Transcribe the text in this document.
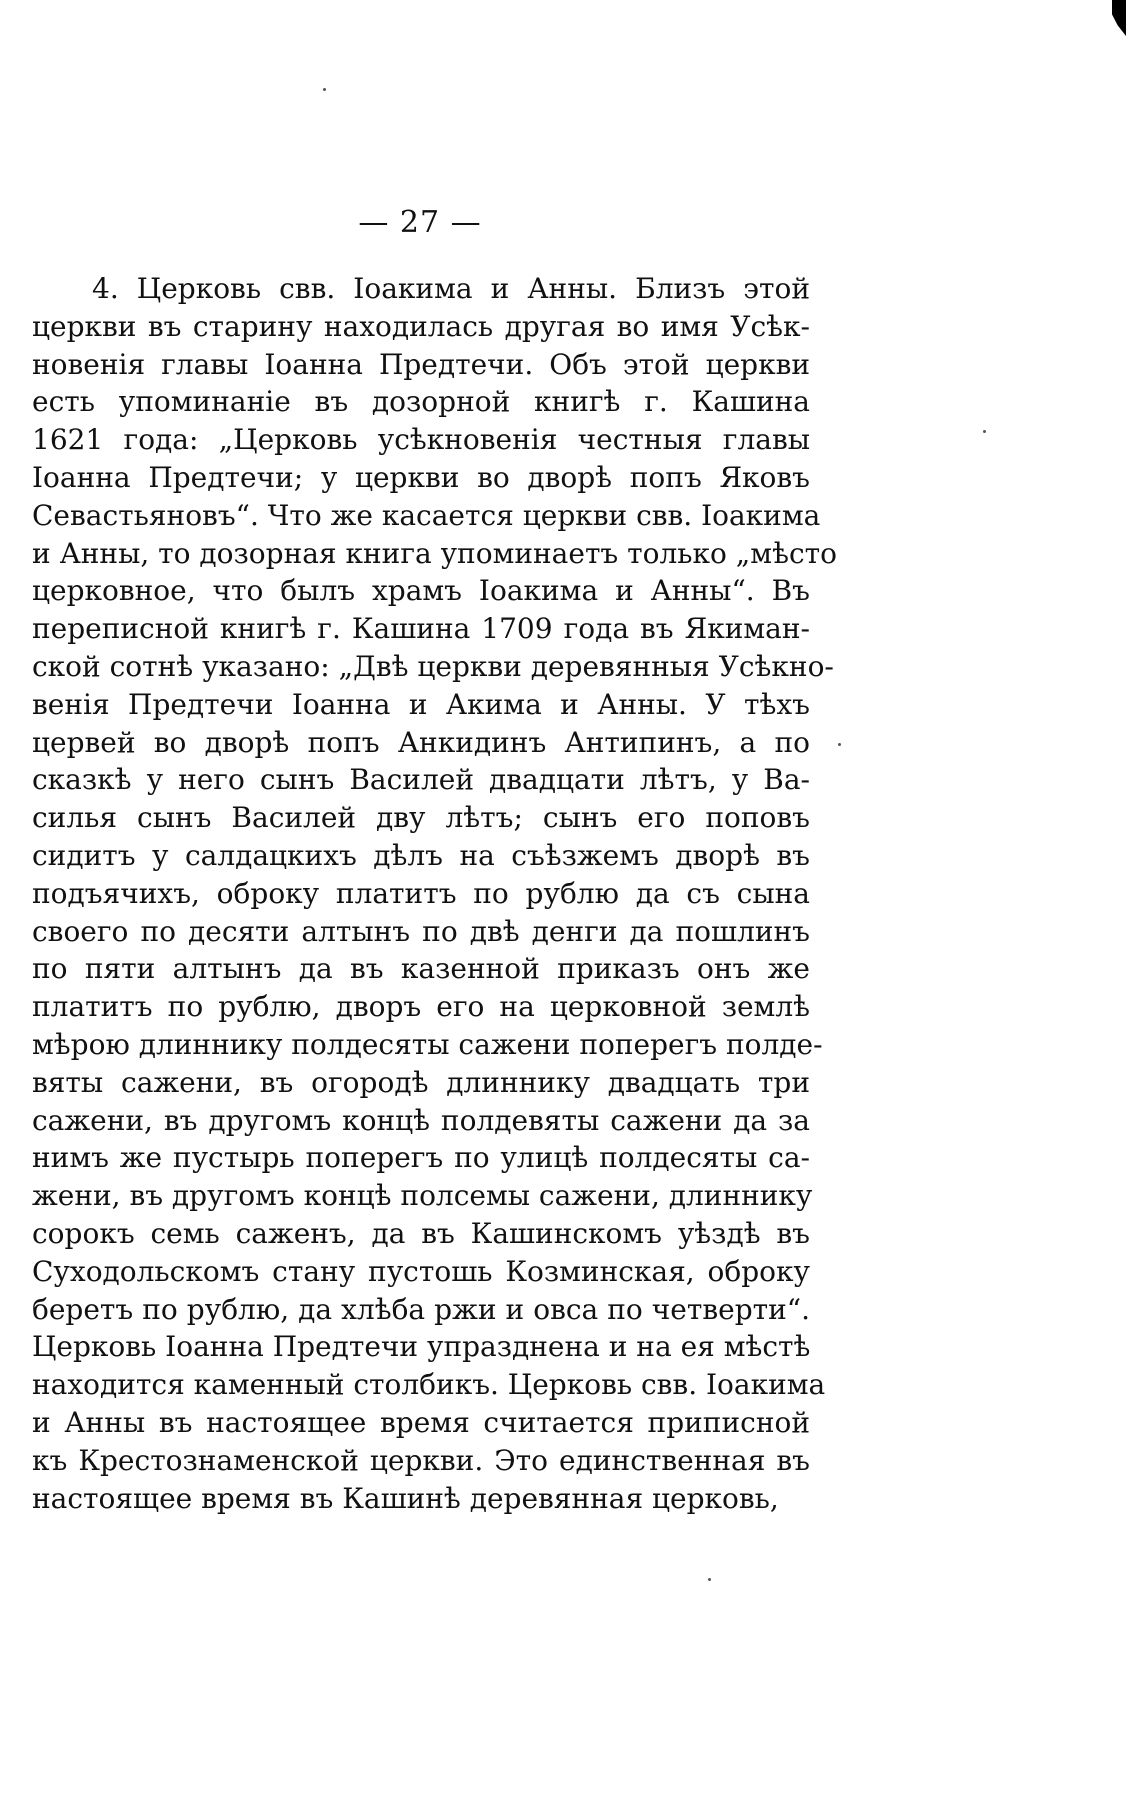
— 27 —
4. Церковь свв. Іоакима и Анны. Близъ этой
церкви въ старину находилась другая во имя Усѣк-
новенія главы Іоанна Предтечи. Объ этой церкви
есть упоминаніе въ дозорной книгѣ г. Кашина
1621 года: „Церковь усѣкновенія честныя главы
Іоанна Предтечи; у церкви во дворѣ попъ Яковъ
Севастьяновъ“. Что же касается церкви свв. Іоакима
и Анны, то дозорная книга упоминаетъ только „мѣсто
церковное, что былъ храмъ Іоакима и Анны“. Въ
переписной книгѣ г. Кашина 1709 года въ Якиман-
ской сотнѣ указано: „Двѣ церкви деревянныя Усѣкно-
венія Предтечи Іоанна и Акима и Анны. У тѣхъ
цервей во дворѣ попъ Анкидинъ Антипинъ, а по
сказкѣ у него сынъ Василей двадцати лѣтъ, у Ва-
силья сынъ Василей дву лѣтъ; сынъ его поповъ
сидитъ у салдацкихъ дѣлъ на съѣзжемъ дворѣ въ
подъячихъ, оброку платитъ по рублю да съ сына
своего по десяти алтынъ по двѣ денги да пошлинъ
по пяти алтынъ да въ казенной приказъ онъ же
платитъ по рублю, дворъ его на церковной землѣ
мѣрою длиннику полдесяты сажени поперегъ полде-
вяты сажени, въ огородѣ длиннику двадцать три
сажени, въ другомъ концѣ полдевяты сажени да за
нимъ же пустырь поперегъ по улицѣ полдесяты са-
жени, въ другомъ концѣ полсемы сажени, длиннику
сорокъ семь саженъ, да въ Кашинскомъ уѣздѣ въ
Суходольскомъ стану пустошь Козминская, оброку
беретъ по рублю, да хлѣба ржи и овса по четверти“.
Церковь Іоанна Предтечи упразднена и на ея мѣстѣ
находится каменный столбикъ. Церковь свв. Іоакима
и Анны въ настоящее время считается приписной
къ Крестознаменской церкви. Это единственная въ
настоящее время въ Кашинѣ деревянная церковь,
